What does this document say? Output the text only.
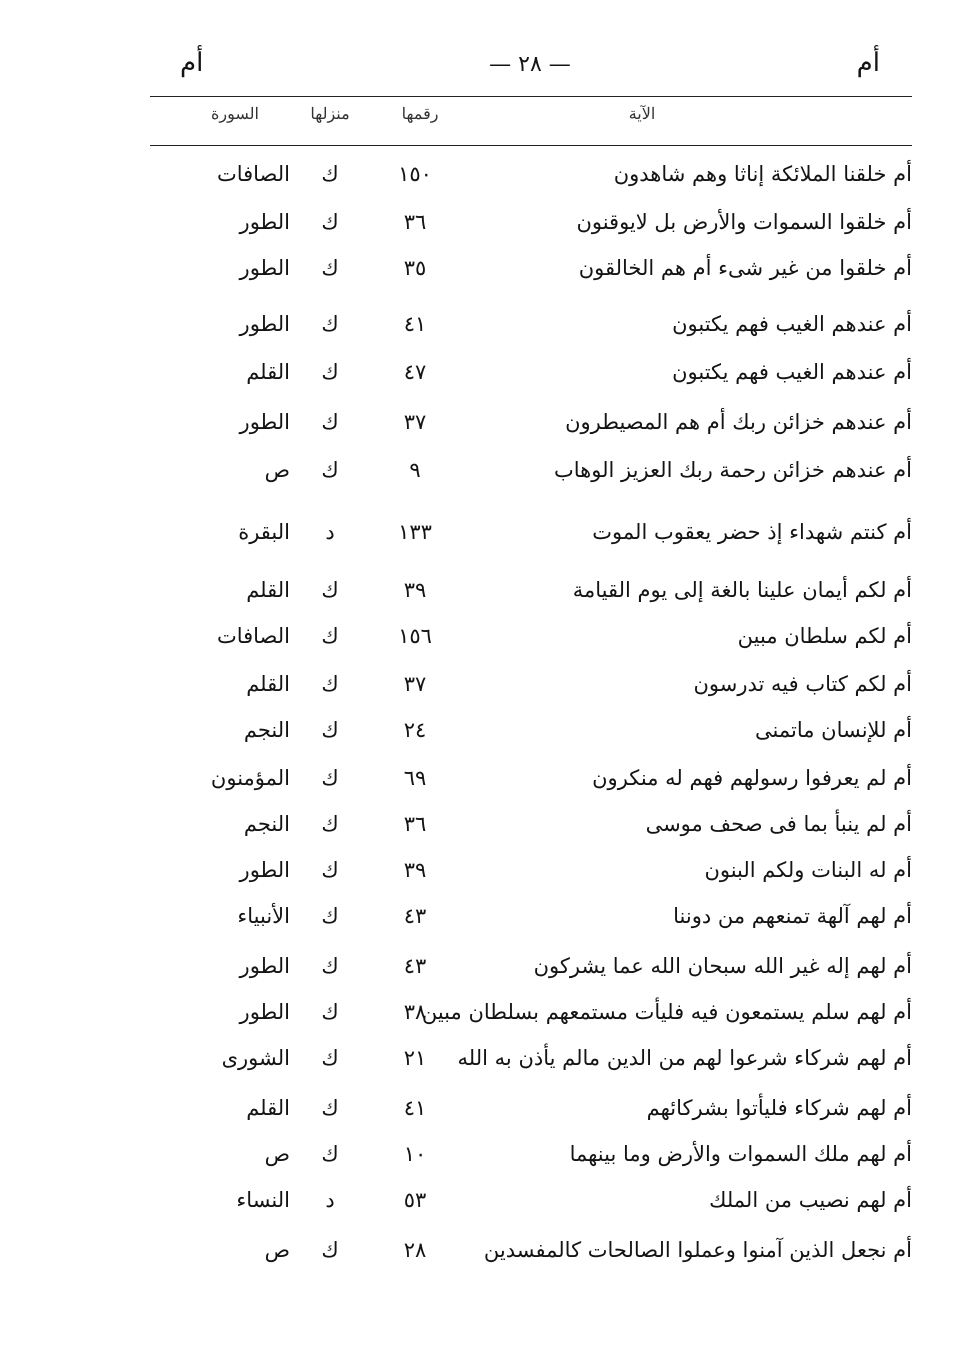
أم
— ٢٨ —
أم
الآية
رقمها
منزلها
السورة
أم خلقنا الملائكة إناثا وهم شاهدون
١٥٠
ك
الصافات
أم خلقوا السموات والأرض بل لايوقنون
٣٦
ك
الطور
أم خلقوا من غير شىء أم هم الخالقون
٣٥
ك
الطور
أم عندهم الغيب فهم يكتبون
٤١
ك
الطور
أم عندهم الغيب فهم يكتبون
٤٧
ك
القلم
أم عندهم خزائن ربك أم هم المصيطرون
٣٧
ك
الطور
أم عندهم خزائن رحمة ربك العزيز الوهاب
٩
ك
ص
أم كنتم شهداء إذ حضر يعقوب الموت
١٣٣
د
البقرة
أم لكم أيمان علينا بالغة إلى يوم القيامة
٣٩
ك
القلم
أم لكم سلطان مبين
١٥٦
ك
الصافات
أم لكم كتاب فيه تدرسون
٣٧
ك
القلم
أم للإنسان ماتمنى
٢٤
ك
النجم
أم لم يعرفوا رسولهم فهم له منكرون
٦٩
ك
المؤمنون
أم لم ينبأ بما فى صحف موسى
٣٦
ك
النجم
أم له البنات ولكم البنون
٣٩
ك
الطور
أم لهم آلهة تمنعهم من دوننا
٤٣
ك
الأنبياء
أم لهم إله غير الله سبحان الله عما يشركون
٤٣
ك
الطور
أم لهم سلم يستمعون فيه فليأت مستمعهم بسلطان مبين
٣٨
ك
الطور
أم لهم شركاء شرعوا لهم من الدين مالم يأذن به الله
٢١
ك
الشورى
أم لهم شركاء فليأتوا بشركائهم
٤١
ك
القلم
أم لهم ملك السموات والأرض وما بينهما
١٠
ك
ص
أم لهم نصيب من الملك
٥٣
د
النساء
أم نجعل الذين آمنوا وعملوا الصالحات كالمفسدين
٢٨
ك
ص
